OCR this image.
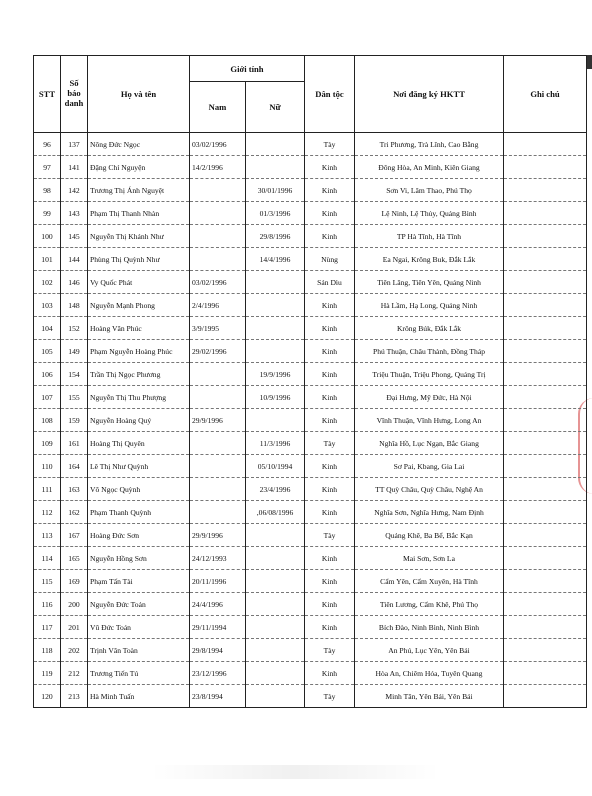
STT	Số báo danh	Họ và tên	Giới tính		Dân tộc	Nơi đăng ký HKTT	Ghi chú
			Nam	Nữ			
96	137	Nông Đức Ngọc	03/02/1996		Tày	Tri Phương, Trà Lĩnh, Cao Bằng	
97	141	Đặng Chí Nguyện	14/2/1996		Kinh	Đông Hòa, An Minh, Kiên Giang	
98	142	Trương Thị Ánh Nguyệt		30/01/1996	Kinh	Sơn Vi, Lâm Thao, Phú Thọ	
99	143	Phạm Thị Thanh Nhàn		01/3/1996	Kinh	Lệ Ninh, Lệ Thủy, Quảng Bình	
100	145	Nguyễn Thị Khánh Như		29/8/1996	Kinh	TP Hà Tĩnh, Hà Tĩnh	
101	144	Phùng Thị Quỳnh Như		14/4/1996	Nùng	Ea Ngai, Krông Buk, Đắk Lắk	
102	146	Vy Quốc Phát	03/02/1996		Sán Dìu	Tiên Lãng, Tiên Yên, Quảng Ninh	
103	148	Nguyễn Mạnh Phong	2/4/1996		Kinh	Hà Lầm, Hạ Long, Quảng Ninh	
104	152	Hoàng Văn Phúc	3/9/1995		Kinh	Krông Búk, Đắk Lắk	
105	149	Phạm Nguyễn Hoàng Phúc	29/02/1996		Kinh	Phú Thuận, Châu Thành, Đồng Tháp	
106	154	Trần Thị Ngọc Phương		19/9/1996	Kinh	Triệu Thuận, Triệu Phong, Quảng Trị	
107	155	Nguyễn Thị Thu Phượng		10/9/1996	Kinh	Đại Hưng, Mỹ Đức, Hà Nội	
108	159	Nguyễn Hoàng Quý	29/9/1996		Kinh	Vĩnh Thuận, Vĩnh Hưng, Long An	
109	161	Hoàng Thị Quyên		11/3/1996	Tày	Nghĩa Hồ, Lục Ngạn, Bắc Giang	
110	164	Lê Thị Như Quỳnh		05/10/1994	Kinh	Sơ Pai, Kbang, Gia Lai	
111	163	Võ Ngọc Quỳnh		23/4/1996	Kinh	TT Quỳ Châu, Quỳ Châu, Nghệ An	
112	162	Phạm Thanh Quỳnh		,06/08/1996	Kinh	Nghĩa Sơn, Nghĩa Hưng, Nam Định	
113	167	Hoàng Đức Sơn	29/9/1996		Tày	Quảng Khê, Ba Bể, Bắc Kạn	
114	165	Nguyễn Hồng Sơn	24/12/1993		Kinh	Mai Sơn, Sơn La	
115	169	Phạm Tấn Tài	20/11/1996		Kinh	Cẩm Yên, Cẩm Xuyên, Hà Tĩnh	
116	200	Nguyễn Đức Toản	24/4/1996		Kinh	Tiên Lương, Cẩm Khê, Phú Thọ	
117	201	Vũ Đức Toản	29/11/1994		Kinh	Bích Đào, Ninh Bình, Ninh Bình	
118	202	Trịnh Văn Toàn	29/8/1994		Tày	An Phú, Lục Yên, Yên Bái	
119	212	Trương Tiến Tú	23/12/1996		Kinh	Hòa An, Chiêm Hóa, Tuyên Quang	
120	213	Hà Minh Tuấn	23/8/1994		Tày	Minh Tân, Yên Bái, Yên Bái	
